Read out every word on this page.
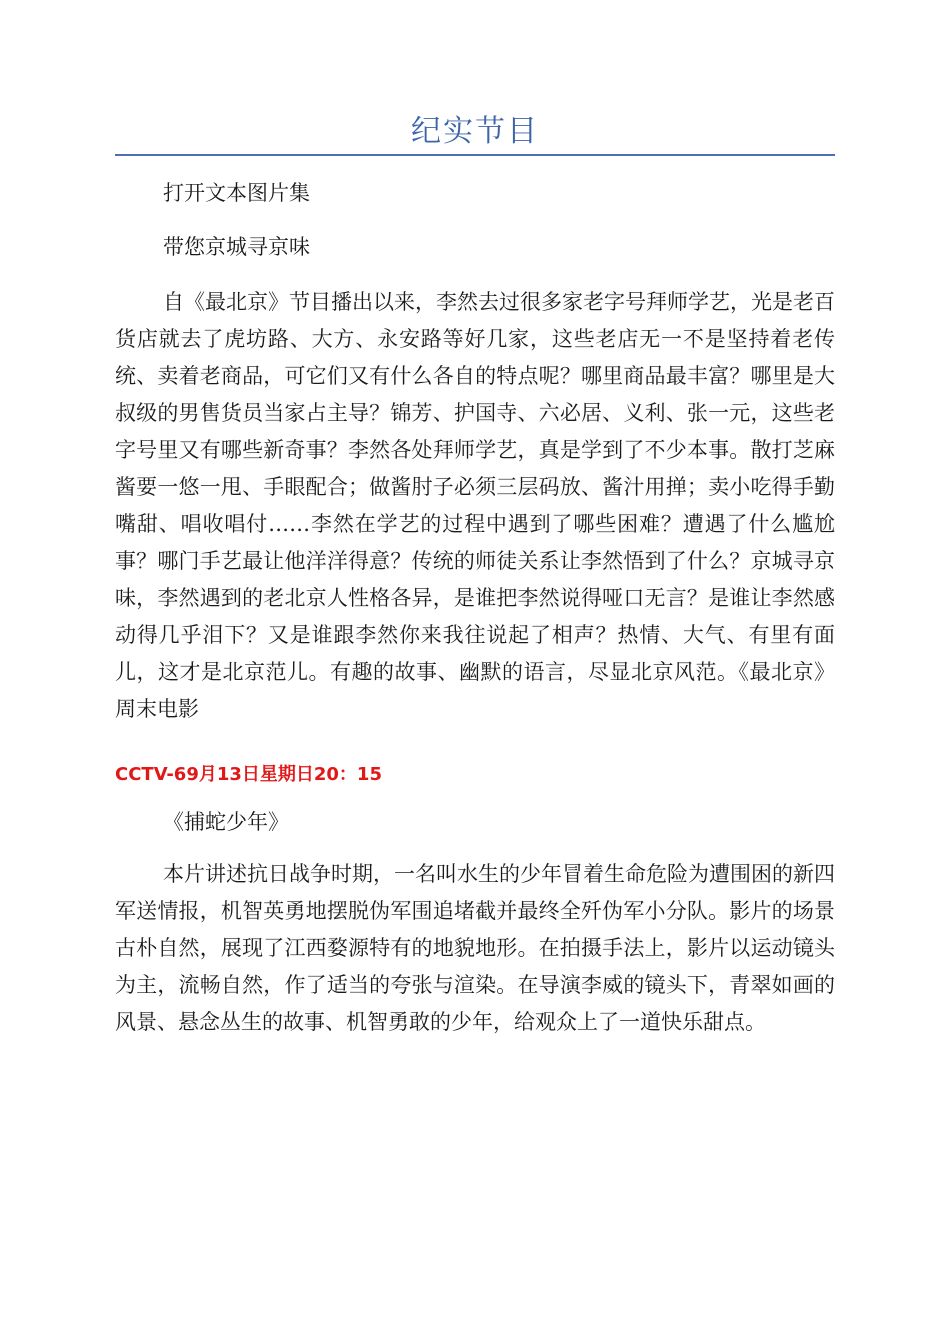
纪实节目

打开文本图片集

带您京城寻京味

自《最北京》节目播出以来，李然去过很多家老字号拜师学艺，光是老百货店就去了虎坊路、大方、永安路等好几家，这些老店无一不是坚持着老传统、卖着老商品，可它们又有什么各自的特点呢？哪里商品最丰富？哪里是大叔级的男售货员当家占主导？锦芳、护国寺、六必居、义利、张一元，这些老字号里又有哪些新奇事？李然各处拜师学艺，真是学到了不少本事。散打芝麻酱要一悠一甩、手眼配合；做酱肘子必须三层码放、酱汁用掸；卖小吃得手勤嘴甜、唱收唱付……李然在学艺的过程中遇到了哪些困难？遭遇了什么尴尬事？哪门手艺最让他洋洋得意？传统的师徒关系让李然悟到了什么？京城寻京味，李然遇到的老北京人性格各异，是谁把李然说得哑口无言？是谁让李然感动得几乎泪下？又是谁跟李然你来我往说起了相声？热情、大气、有里有面儿，这才是北京范儿。有趣的故事、幽默的语言，尽显北京风范。《最北京》周末电影

CCTV-69月13日星期日20：15

《捕蛇少年》

本片讲述抗日战争时期，一名叫水生的少年冒着生命危险为遭围困的新四军送情报，机智英勇地摆脱伪军围追堵截并最终全歼伪军小分队。影片的场景古朴自然，展现了江西婺源特有的地貌地形。在拍摄手法上，影片以运动镜头为主，流畅自然，作了适当的夸张与渲染。在导演李威的镜头下，青翠如画的风景、悬念丛生的故事、机智勇敢的少年，给观众上了一道快乐甜点。
